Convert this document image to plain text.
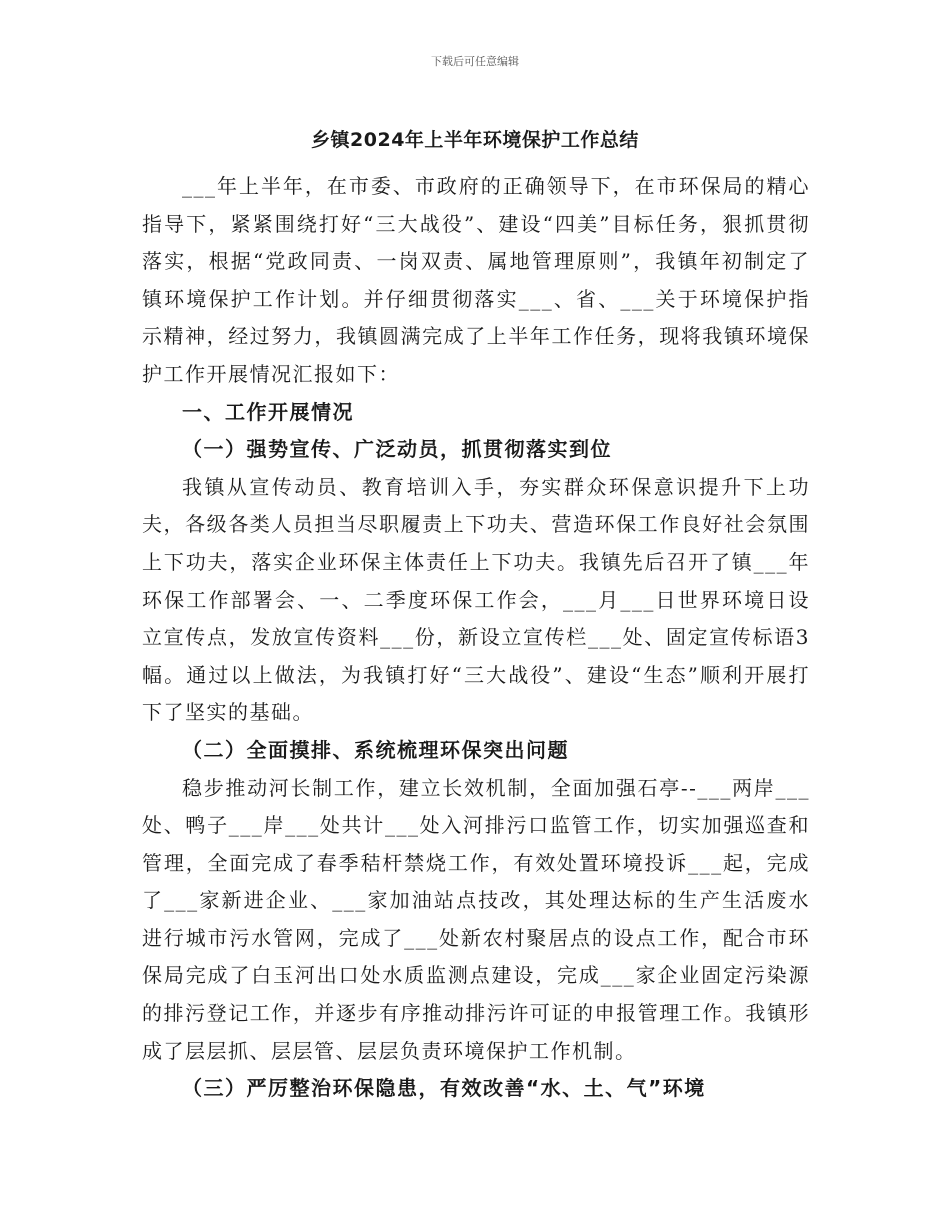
下载后可任意编辑
乡镇2024年上半年环境保护工作总结

___年上半年，在市委、市政府的正确领导下，在市环保局的精心指导下，紧紧围绕打好“三大战役”、建设“四美”目标任务，狠抓贯彻落实，根据“党政同责、一岗双责、属地管理原则”，我镇年初制定了镇环境保护工作计划。并仔细贯彻落实___、省、___关于环境保护指示精神，经过努力，我镇圆满完成了上半年工作任务，现将我镇环境保护工作开展情况汇报如下：

一、工作开展情况
（一）强势宣传、广泛动员，抓贯彻落实到位

我镇从宣传动员、教育培训入手，夯实群众环保意识提升下上功夫，各级各类人员担当尽职履责上下功夫、营造环保工作良好社会氛围上下功夫，落实企业环保主体责任上下功夫。我镇先后召开了镇___年环保工作部署会、一、二季度环保工作会，___月___日世界环境日设立宣传点，发放宣传资料___份，新设立宣传栏___处、固定宣传标语3幅。通过以上做法，为我镇打好“三大战役”、建设“生态”顺利开展打下了坚实的基础。

（二）全面摸排、系统梳理环保突出问题

稳步推动河长制工作，建立长效机制，全面加强石亭--___两岸___处、鸭子___岸___处共计___处入河排污口监管工作，切实加强巡查和管理，全面完成了春季秸杆禁烧工作，有效处置环境投诉___起，完成了___家新进企业、___家加油站点技改，其处理达标的生产生活废水进行城市污水管网，完成了___处新农村聚居点的设点工作，配合市环保局完成了白玉河出口处水质监测点建设，完成___家企业固定污染源的排污登记工作，并逐步有序推动排污许可证的申报管理工作。我镇形成了层层抓、层层管、层层负责环境保护工作机制。

（三）严厉整治环保隐患，有效改善“水、土、气”环境
